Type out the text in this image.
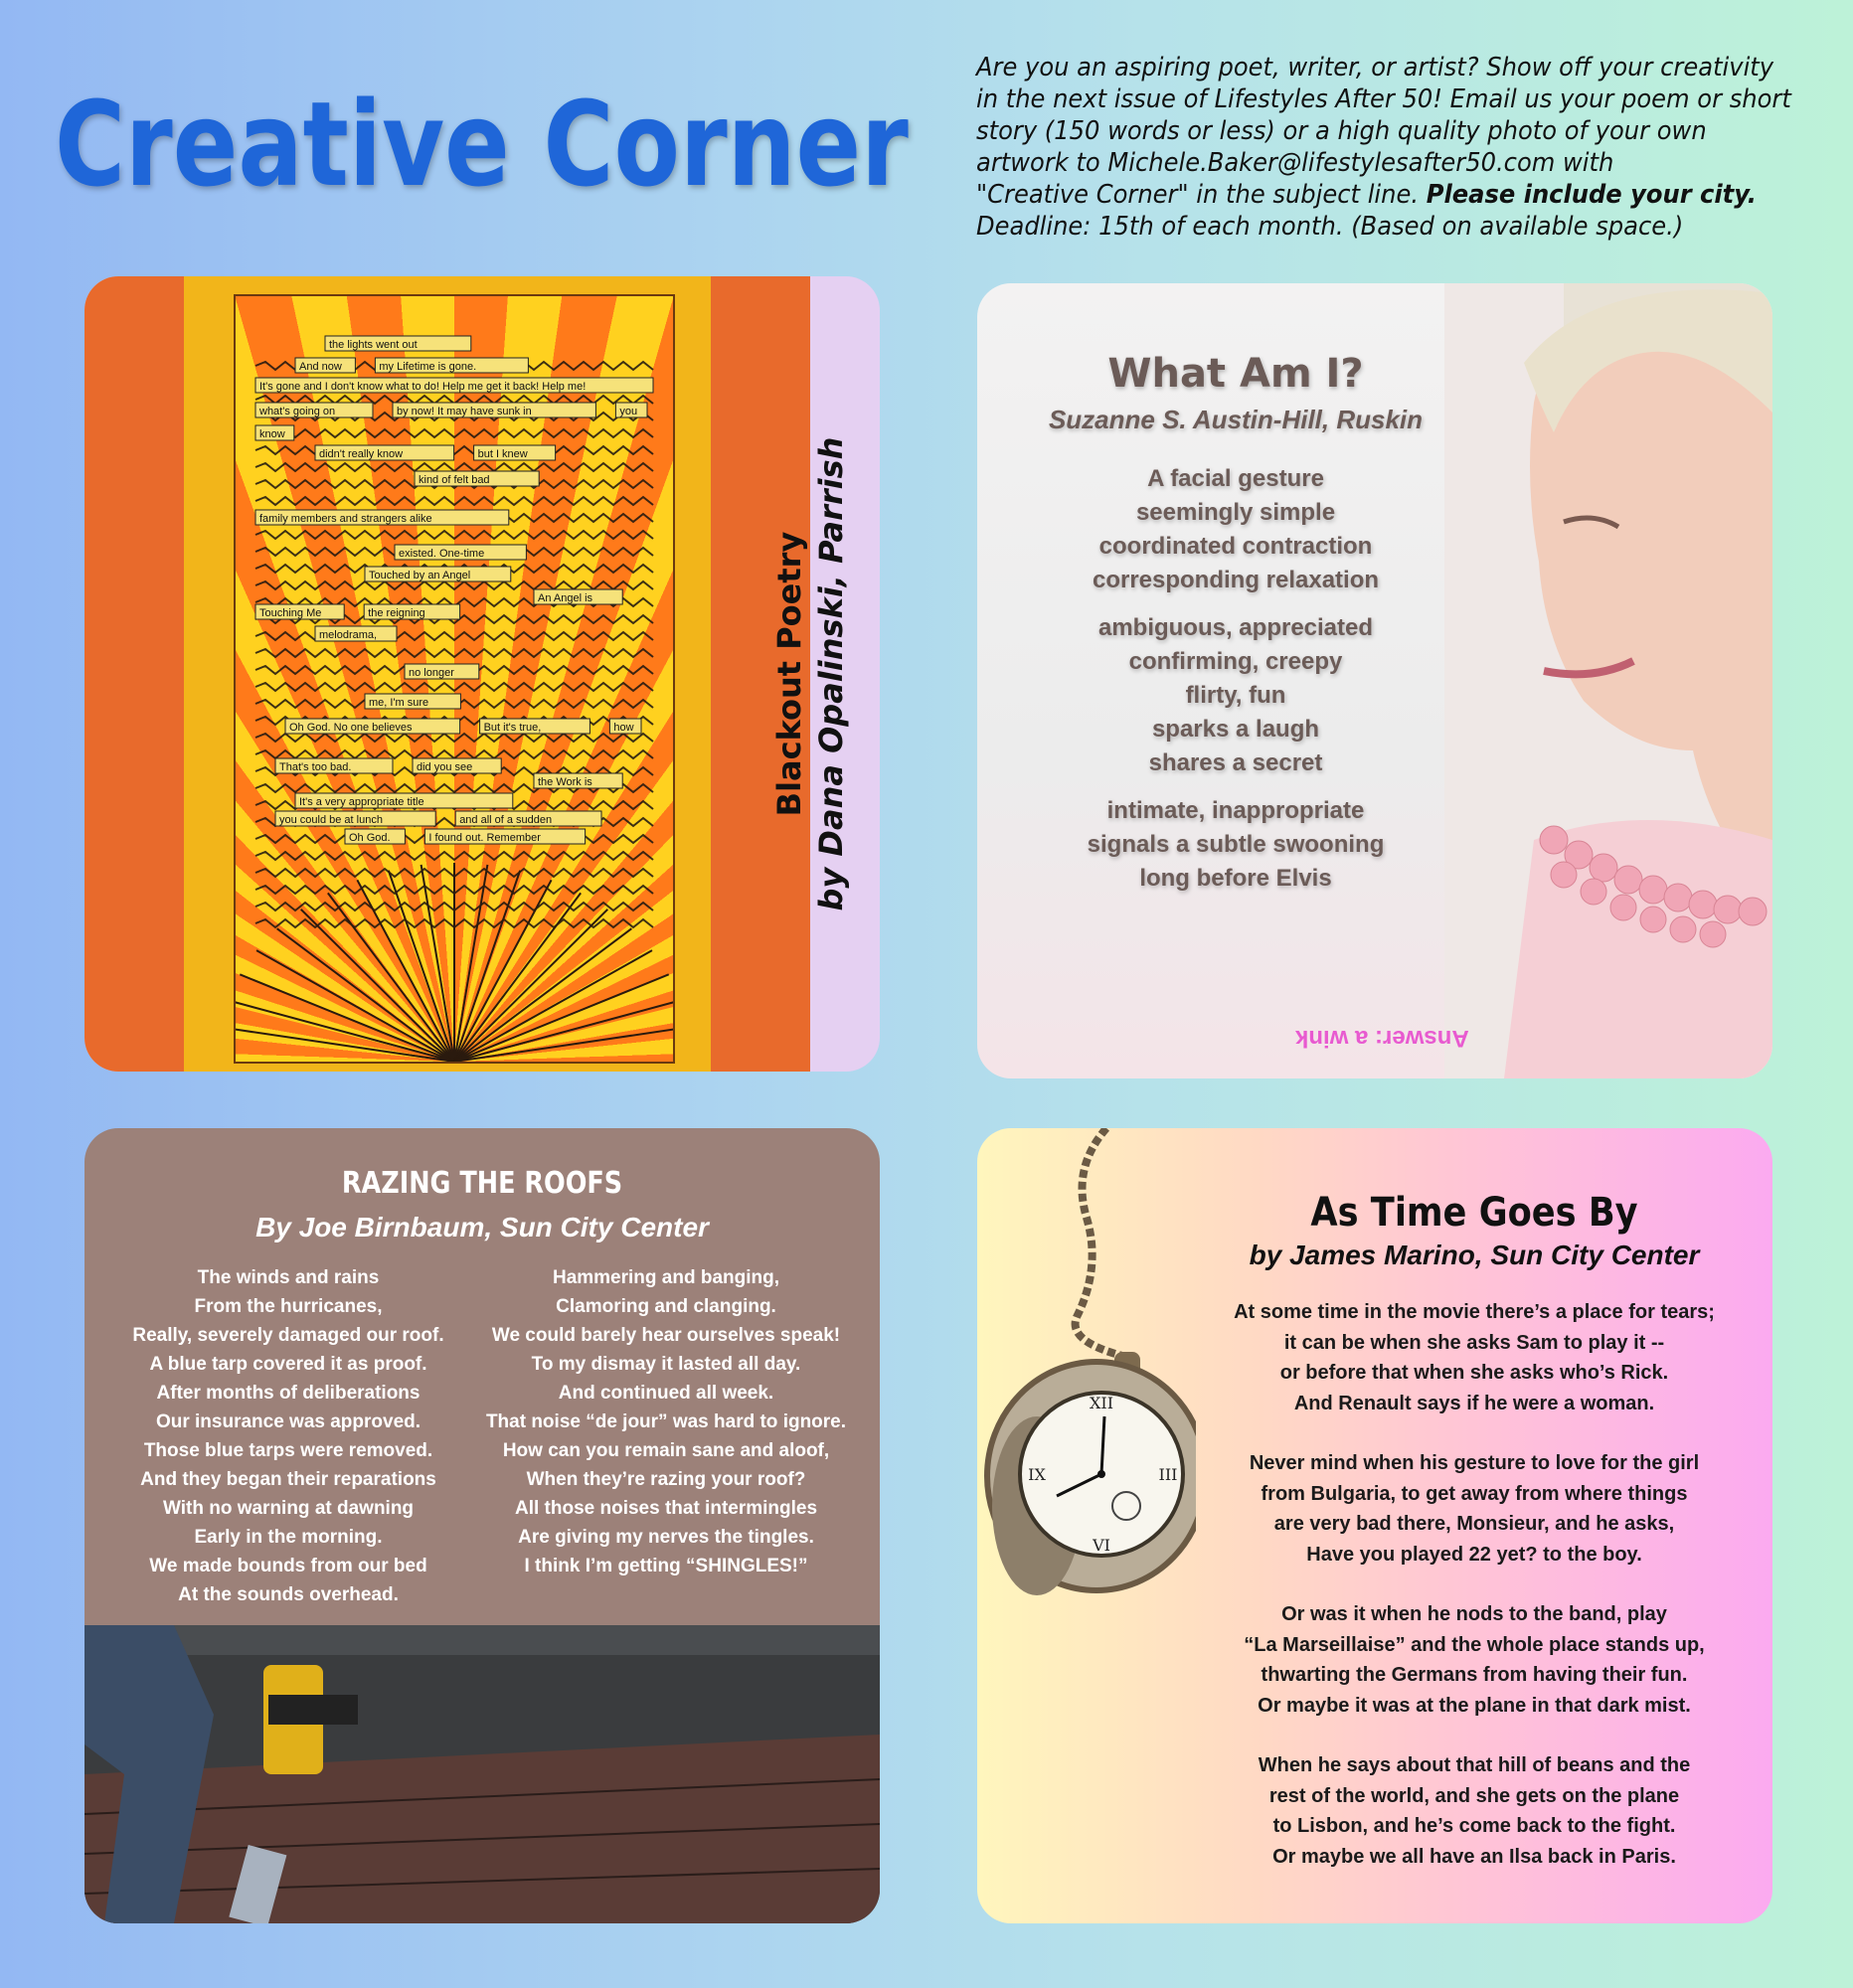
Creative Corner
Are you an aspiring poet, writer, or artist? Show off your creativity
in the next issue of Lifestyles After 50! Email us your poem or short
story (150 words or less) or a high quality photo of your own
artwork to Michele.Baker@lifestylesafter50.com with
"Creative Corner" in the subject line. Please include your city.
Deadline: 15th of each month. (Based on available space.)
the lights went out
And now	my Lifetime is gone.
It's gone and I don't know what to do! Help me get it back! Help me!
what's going on	by now! It may have sunk in	you
know
didn't really know	but I knew
kind of felt bad
family members and strangers alike
existed. One-time
Touched by an Angel
An Angel is
Touching Me	the reigning
melodrama,
no longer
me, I'm sure
Oh God. No one believes	But it's true,	how
That's too bad.	did you see
the Work is
It's a very appropriate title
you could be at lunch	and all of a sudden
Oh God.	I found out. Remember
Blackout Poetry by Dana Opalinski, Parrish
What Am I?
Suzanne S. Austin-Hill, Ruskin
A facial gesture
seemingly simple
coordinated contraction
corresponding relaxation
ambiguous, appreciated
confirming, creepy
flirty, fun
sparks a laugh
shares a secret
intimate, inappropriate
signals a subtle swooning
long before Elvis
Answer: a wink
RAZING THE ROOFS
By Joe Birnbaum, Sun City Center
The winds and rains
From the hurricanes,
Really, severely damaged our roof.
A blue tarp covered it as proof.
After months of deliberations
Our insurance was approved.
Those blue tarps were removed.
And they began their reparations
With no warning at dawning
Early in the morning.
We made bounds from our bed
At the sounds overhead.
Hammering and banging,
Clamoring and clanging.
We could barely hear ourselves speak!
To my dismay it lasted all day.
And continued all week.
That noise “de jour” was hard to ignore.
How can you remain sane and aloof,
When they’re razing your roof?
All those noises that intermingles
Are giving my nerves the tingles.
I think I’m getting “SHINGLES!”
XII
III
VI
IX
As Time Goes By
by James Marino, Sun City Center
At some time in the movie there’s a place for tears;
it can be when she asks Sam to play it --
or before that when she asks who’s Rick.
And Renault says if he were a woman.
Never mind when his gesture to love for the girl
from Bulgaria, to get away from where things
are very bad there, Monsieur, and he asks,
Have you played 22 yet? to the boy.
Or was it when he nods to the band, play
“La Marseillaise” and the whole place stands up,
thwarting the Germans from having their fun.
Or maybe it was at the plane in that dark mist.
When he says about that hill of beans and the
rest of the world, and she gets on the plane
to Lisbon, and he’s come back to the fight.
Or maybe we all have an Ilsa back in Paris.
